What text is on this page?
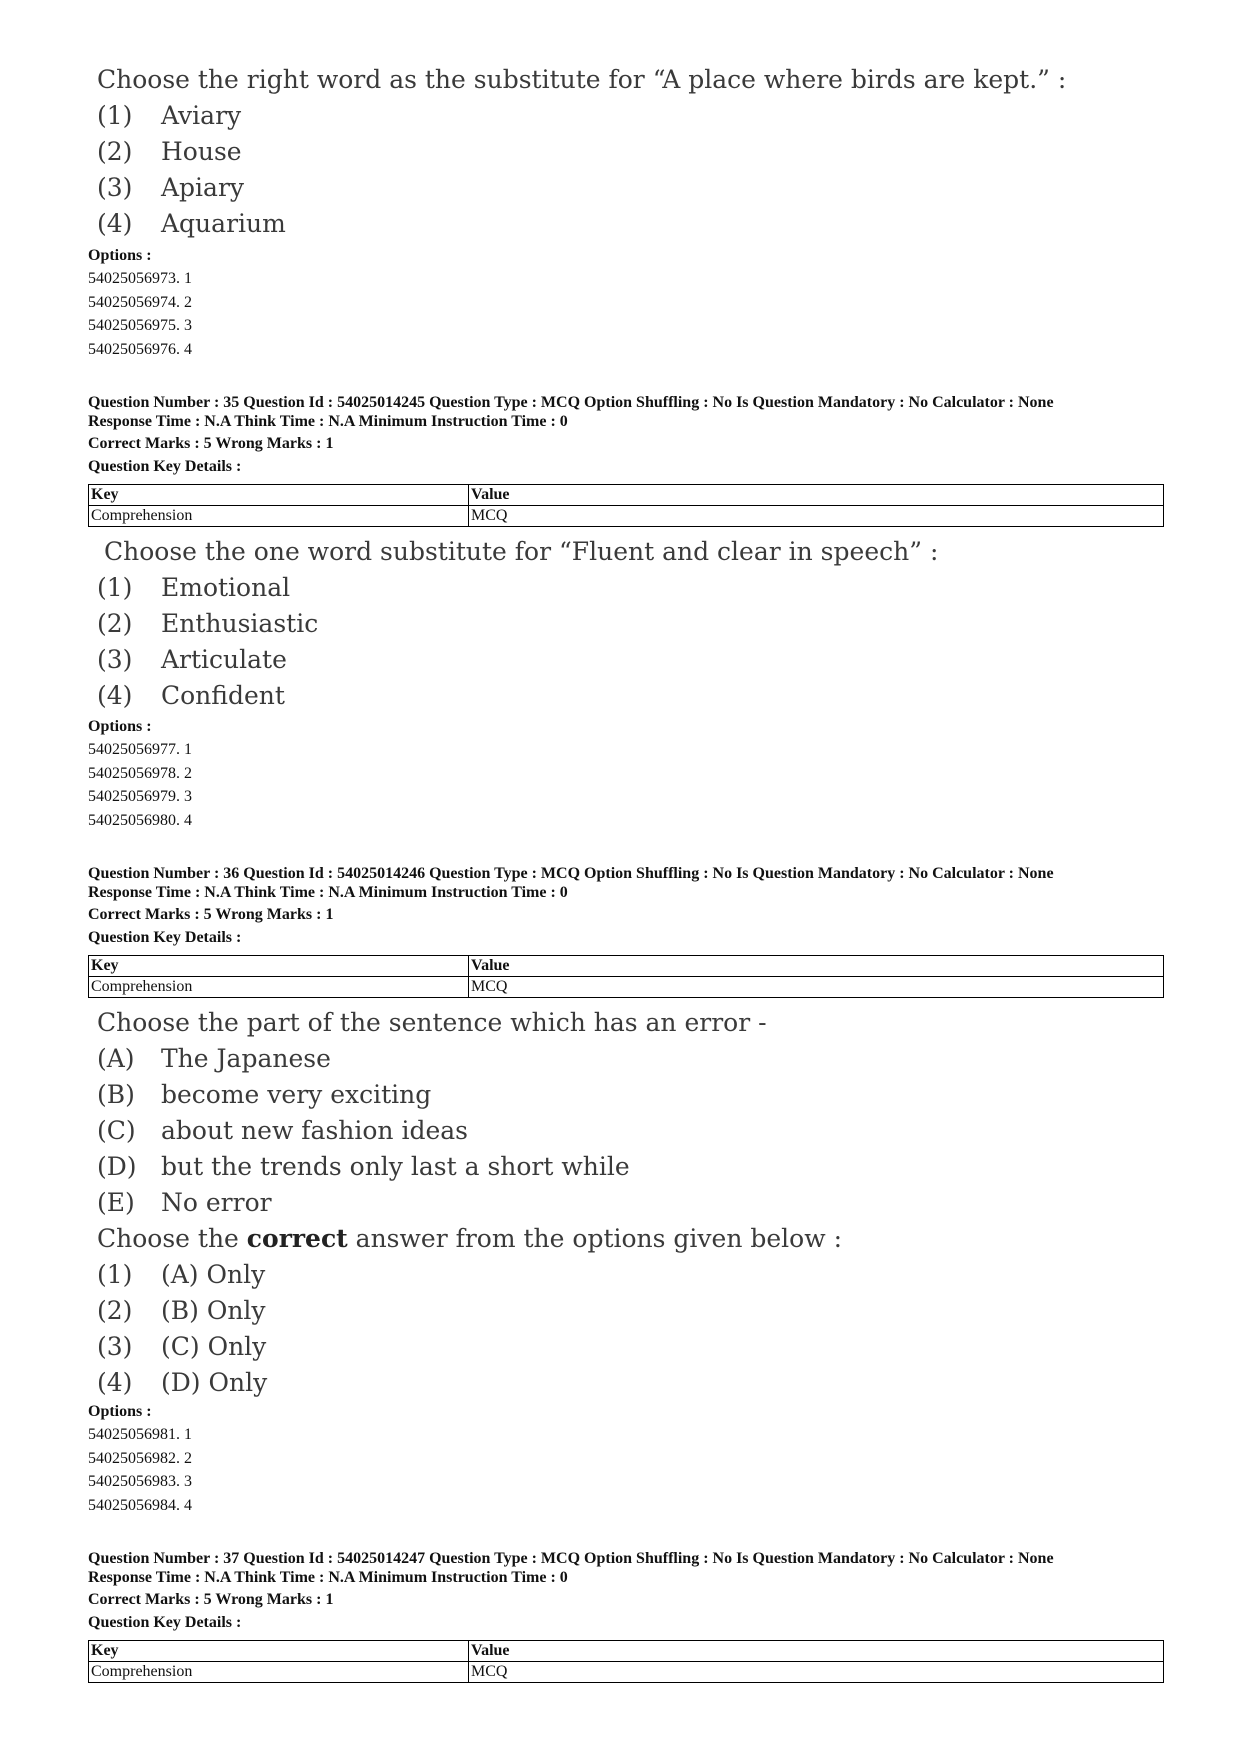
Choose the right word as the substitute for “A place where birds are kept.” :
(1)	Aviary
(2)	House
(3)	Apiary
(4)	Aquarium
Options :
54025056973. 1
54025056974. 2
54025056975. 3
54025056976. 4
Question Number : 35 Question Id : 54025014245 Question Type : MCQ Option Shuffling : No Is Question Mandatory : No Calculator : None
Response Time : N.A Think Time : N.A Minimum Instruction Time : 0
Correct Marks : 5 Wrong Marks : 1
Question Key Details :
Key	Value
Comprehension	MCQ
Choose the one word substitute for “Fluent and clear in speech” :
(1)	Emotional
(2)	Enthusiastic
(3)	Articulate
(4)	Confident
Options :
54025056977. 1
54025056978. 2
54025056979. 3
54025056980. 4
Question Number : 36 Question Id : 54025014246 Question Type : MCQ Option Shuffling : No Is Question Mandatory : No Calculator : None
Response Time : N.A Think Time : N.A Minimum Instruction Time : 0
Correct Marks : 5 Wrong Marks : 1
Question Key Details :
Key	Value
Comprehension	MCQ
Choose the part of the sentence which has an error -
(A)	The Japanese
(B)	become very exciting
(C)	about new fashion ideas
(D) but the trends only last a short while
(E)	No error
Choose the correct answer from the options given below :
(1)	(A) Only
(2)	(B) Only
(3)	(C) Only
(4)	(D) Only
Options :
54025056981. 1
54025056982. 2
54025056983. 3
54025056984. 4
Question Number : 37 Question Id : 54025014247 Question Type : MCQ Option Shuffling : No Is Question Mandatory : No Calculator : None
Response Time : N.A Think Time : N.A Minimum Instruction Time : 0
Correct Marks : 5 Wrong Marks : 1
Question Key Details :
Key	Value
Comprehension	MCQ
